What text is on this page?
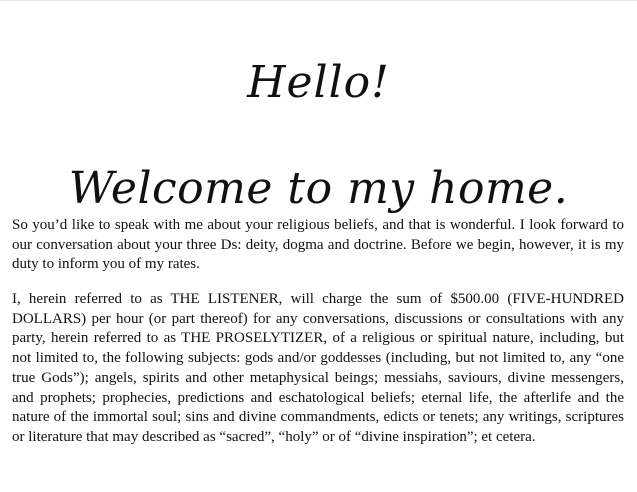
Hello!
Welcome to my home.

So you’d like to speak with me about your religious beliefs, and that is wonderful. I look forward to our conversation about your three Ds: deity, dogma and doctrine. Before we begin, however, it is my duty to inform you of my rates.

I, herein referred to as THE LISTENER, will charge the sum of $500.00 (FIVE-HUNDRED DOLLARS) per hour (or part thereof) for any conversations, discussions or consultations with any party, herein referred to as THE PROSELYTIZER, of a religious or spiritual nature, including, but not limited to, the following subjects: gods and/or goddesses (including, but not limited to, any “one true Gods”); angels, spirits and other metaphysical beings; messiahs, saviours, divine messengers, and prophets; prophecies, predictions and eschatological beliefs; eternal life, the afterlife and the nature of the immortal soul; sins and divine commandments, edicts or tenets; any writings, scriptures or literature that may described as “sacred”, “holy” or of “divine inspiration”; et cetera.
